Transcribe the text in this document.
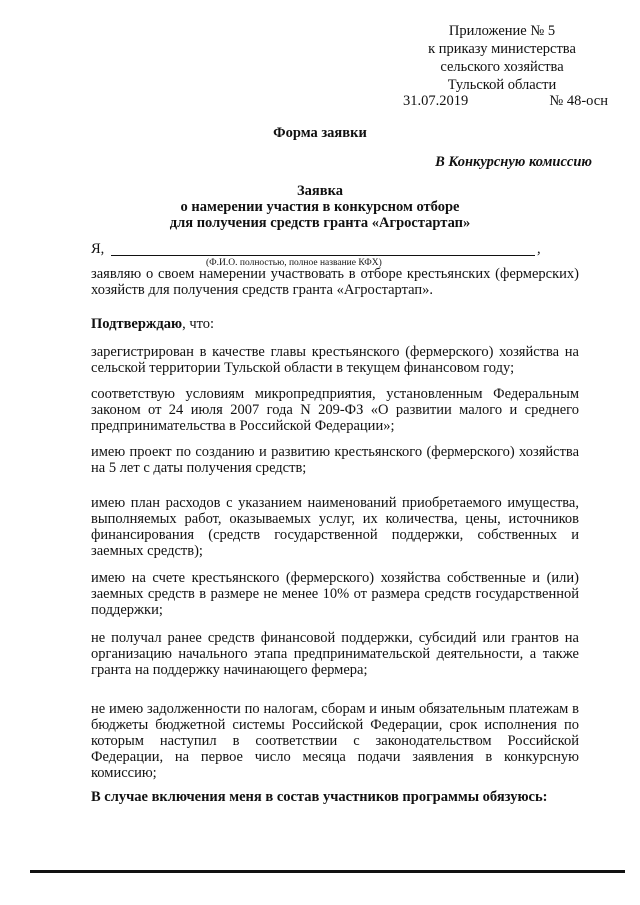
Приложение № 5
к приказу министерства
сельского хозяйства
Тульской области
31.07.2019	№ 48-осн
Форма заявки
В Конкурсную комиссию
Заявка
о намерении участия в конкурсном отборе
для получения средств гранта «Агростартап»
Я,	,
(Ф.И.О. полностью, полное название КФХ)

заявляю о своем намерении участвовать в отборе крестьянских (фермерских) хозяйств для получения средств гранта «Агростартап».

Подтверждаю, что:

зарегистрирован в качестве главы крестьянского (фермерского) хозяйства на сельской территории Тульской области в текущем финансовом году;

соответствую условиям микропредприятия, установленным Федеральным законом от 24 июля 2007 года N 209-ФЗ «О развитии малого и среднего предпринимательства в Российской Федерации»;

имею проект по созданию и развитию крестьянского (фермерского) хозяйства на 5 лет с даты получения средств;

имею план расходов с указанием наименований приобретаемого имущества, выполняемых работ, оказываемых услуг, их количества, цены, источников финансирования (средств государственной поддержки, собственных и заемных средств);

имею на счете крестьянского (фермерского) хозяйства собственные и (или) заемных средств в размере не менее 10% от размера средств государственной поддержки;

не получал ранее средств финансовой поддержки, субсидий или грантов на организацию начального этапа предпринимательской деятельности, а также гранта на поддержку начинающего фермера;

не имею задолженности по налогам, сборам и иным обязательным платежам в бюджеты бюджетной системы Российской Федерации, срок исполнения по которым наступил в соответствии с законодательством Российской Федерации, на первое число месяца подачи заявления в конкурсную комиссию;

В случае включения меня в состав участников программы обязуюсь:
